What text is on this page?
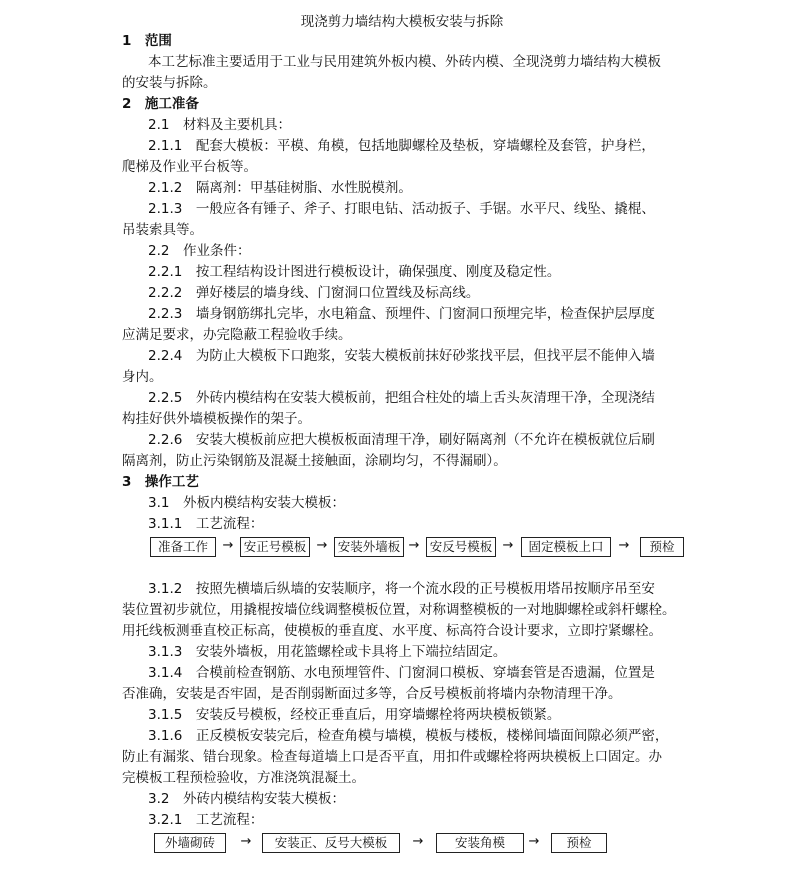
现浇剪力墙结构大模板安装与拆除
1　范围
本工艺标准主要适用于工业与民用建筑外板内模、外砖内模、全现浇剪力墙结构大模板
的安装与拆除。
2　施工准备
2.1　材料及主要机具：
2.1.1　配套大模板：平模、角模，包括地脚螺栓及垫板，穿墙螺栓及套管，护身栏，
爬梯及作业平台板等。
2.1.2　隔离剂：甲基硅树脂、水性脱模剂。
2.1.3　一般应各有锤子、斧子、打眼电钻、活动扳子、手锯。水平尺、线坠、撬棍、
吊装索具等。
2.2　作业条件：
2.2.1　按工程结构设计图进行模板设计，确保强度、刚度及稳定性。
2.2.2　弹好楼层的墙身线、门窗洞口位置线及标高线。
2.2.3　墙身钢筋绑扎完毕，水电箱盒、预埋件、门窗洞口预埋完毕，检查保护层厚度
应满足要求，办完隐蔽工程验收手续。
2.2.4　为防止大模板下口跑浆，安装大模板前抹好砂浆找平层，但找平层不能伸入墙
身内。
2.2.5　外砖内模结构在安装大模板前，把组合柱处的墙上舌头灰清理干净，全现浇结
构挂好供外墙模板操作的架子。
2.2.6　安装大模板前应把大模板板面清理干净，刷好隔离剂（不允许在模板就位后刷
隔离剂，防止污染钢筋及混凝土接触面，涂刷均匀，不得漏刷）。
3　操作工艺
3.1　外板内模结构安装大模板：
3.1.1　工艺流程：
准备工作	→ 安正号模板 → 安装外墙板 → 安反号模板 →	固定模板上口	→	预检
3.1.2　按照先横墙后纵墙的安装顺序，将一个流水段的正号模板用塔吊按顺序吊至安
装位置初步就位，用撬棍按墙位线调整模板位置，对称调整模板的一对地脚螺栓或斜杆螺栓。
用托线板测垂直校正标高，使模板的垂直度、水平度、标高符合设计要求，立即拧紧螺栓。
3.1.3　安装外墙板，用花篮螺栓或卡具将上下端拉结固定。
3.1.4　合模前检查钢筋、水电预埋管件、门窗洞口模板、穿墙套管是否遗漏，位置是
否准确，安装是否牢固，是否削弱断面过多等，合反号模板前将墙内杂物清理干净。
3.1.5　安装反号模板，经校正垂直后，用穿墙螺栓将两块模板锁紧。
3.1.6　正反模板安装完后，检查角模与墙模，模板与楼板，楼梯间墙面间隙必须严密，
防止有漏浆、错台现象。检查每道墙上口是否平直，用扣件或螺栓将两块模板上口固定。办
完模板工程预检验收，方准浇筑混凝土。
3.2　外砖内模结构安装大模板：
3.2.1　工艺流程：
外墙砌砖	→	安装正、反号大模板	→	安装角模	→	预检
